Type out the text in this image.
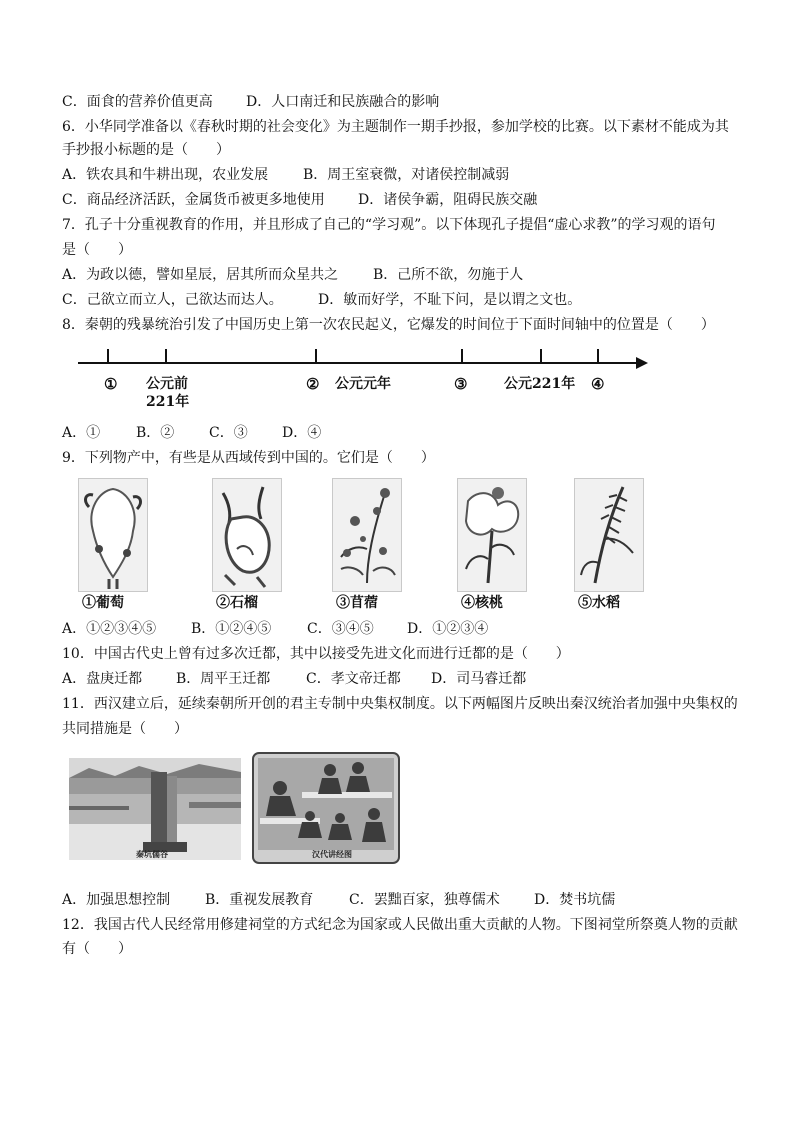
C．面食的营养价值更高 D．人口南迁和民族融合的影响
6．小华同学准备以《春秋时期的社会变化》为主题制作一期手抄报，参加学校的比赛。以下素材不能成为其
手抄报小标题的是（　　）
A．铁农具和牛耕出现，农业发展 B．周王室衰微，对诸侯控制减弱
C．商品经济活跃，金属货币被更多地使用 D．诸侯争霸，阻碍民族交融
7．孔子十分重视教育的作用，并且形成了自己的“学习观”。以下体现孔子提倡“虚心求教”的学习观的语句
是（　　）
A．为政以德，譬如星辰，居其所而众星共之 B．己所不欲，勿施于人
C．己欲立而立人，己欲达而达人。	D．敏而好学，不耻下问，是以谓之文也。
8．秦朝的残暴统治引发了中国历史上第一次农民起义，它爆发的时间位于下面时间轴中的位置是（　　）
① 公元前
221年
② 公元元年	③	公元221年 ④
A．①	B．② C．③ D．④
9．下列物产中，有些是从西域传到中国的。它们是（　　）
①葡萄	②石榴	③苜蓿	④核桃	⑤水稻
A．①②③④⑤ B．①②④⑤	C．③④⑤ D．①②③④
10．中国古代史上曾有过多次迁都，其中以接受先进文化而进行迁都的是（　　）
A．盘庚迁都 B．周平王迁都	C．孝文帝迁都 D．司马睿迁都
11．西汉建立后，延续秦朝所开创的君主专制中央集权制度。以下两幅图片反映出秦汉统治者加强中央集权的
共同措施是（　　）
秦坑儒谷	汉代讲经图
A．加强思想控制 B．重视发展教育	C．罢黜百家，独尊儒术 D．焚书坑儒
12．我国古代人民经常用修建祠堂的方式纪念为国家或人民做出重大贡献的人物。下图祠堂所祭奠人物的贡献
有（　　）
